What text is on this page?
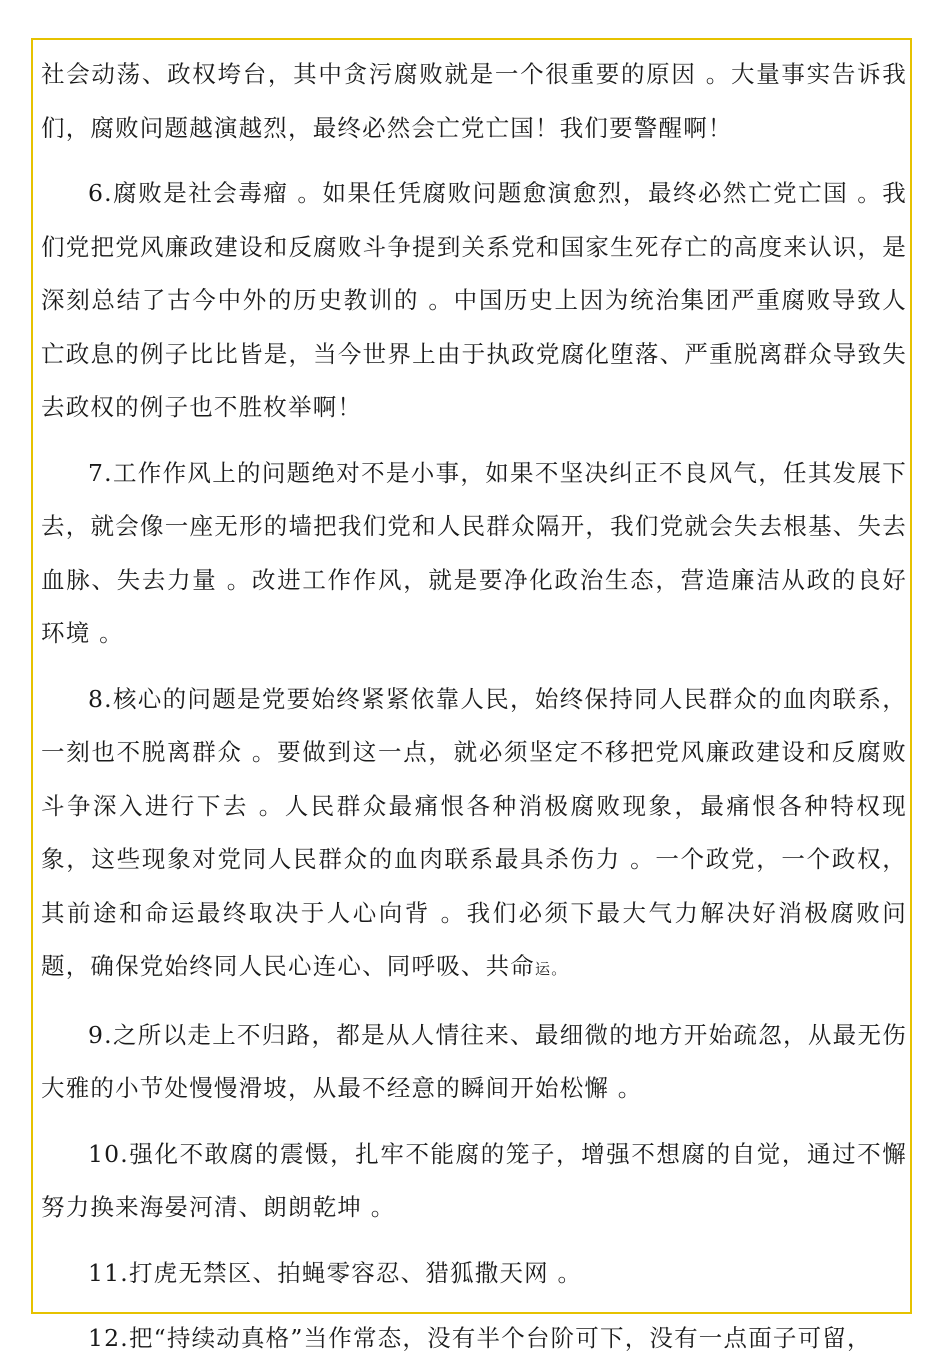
社会动荡、政权垮台，其中贪污腐败就是一个很重要的原因 。大量事实告诉我们，腐败问题越演越烈，最终必然会亡党亡国！我们要警醒啊！

6.腐败是社会毒瘤 。如果任凭腐败问题愈演愈烈，最终必然亡党亡国 。我们党把党风廉政建设和反腐败斗争提到关系党和国家生死存亡的高度来认识，是深刻总结了古今中外的历史教训的 。中国历史上因为统治集团严重腐败导致人亡政息的例子比比皆是，当今世界上由于执政党腐化堕落、严重脱离群众导致失去政权的例子也不胜枚举啊！

7.工作作风上的问题绝对不是小事，如果不坚决纠正不良风气，任其发展下去，就会像一座无形的墙把我们党和人民群众隔开，我们党就会失去根基、失去血脉、失去力量 。改进工作作风，就是要净化政治生态，营造廉洁从政的良好环境 。

8.核心的问题是党要始终紧紧依靠人民，始终保持同人民群众的血肉联系，一刻也不脱离群众 。要做到这一点，就必须坚定不移把党风廉政建设和反腐败斗争深入进行下去 。人民群众最痛恨各种消极腐败现象，最痛恨各种特权现象，这些现象对党同人民群众的血肉联系最具杀伤力 。一个政党，一个政权，其前途和命运最终取决于人心向背 。我们必须下最大气力解决好消极腐败问题，确保党始终同人民心连心、同呼吸、共命运。

9.之所以走上不归路，都是从人情往来、最细微的地方开始疏忽，从最无伤大雅的小节处慢慢滑坡，从最不经意的瞬间开始松懈 。

10.强化不敢腐的震慑，扎牢不能腐的笼子，增强不想腐的自觉，通过不懈努力换来海晏河清、朗朗乾坤 。

11.打虎无禁区、拍蝇零容忍、猎狐撒天网 。

12.把“持续动真格”当作常态，没有半个台阶可下，没有一点面子可留，
